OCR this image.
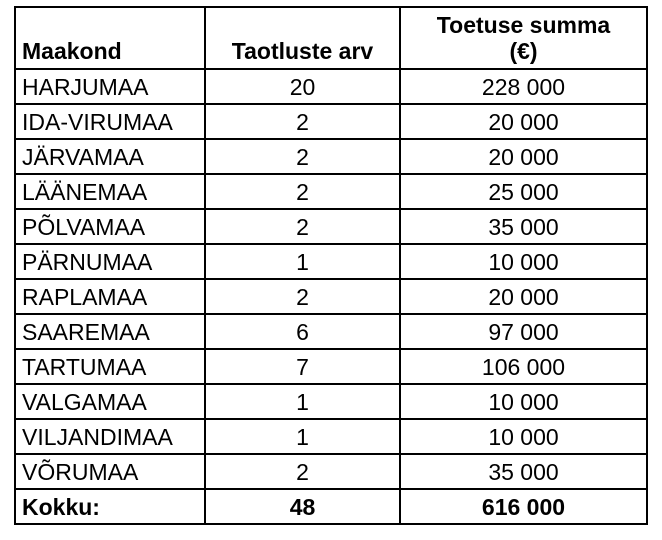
Maakond	Taotluste arv	Toetuse summa
(€)
HARJUMAA	20	228 000
IDA-VIRUMAA	2	20 000
JÄRVAMAA	2	20 000
LÄÄNEMAA	2	25 000
PÕLVAMAA	2	35 000
PÄRNUMAA	1	10 000
RAPLAMAA	2	20 000
SAAREMAA	6	97 000
TARTUMAA	7	106 000
VALGAMAA	1	10 000
VILJANDIMAA	1	10 000
VÕRUMAA	2	35 000
Kokku:	48	616 000
